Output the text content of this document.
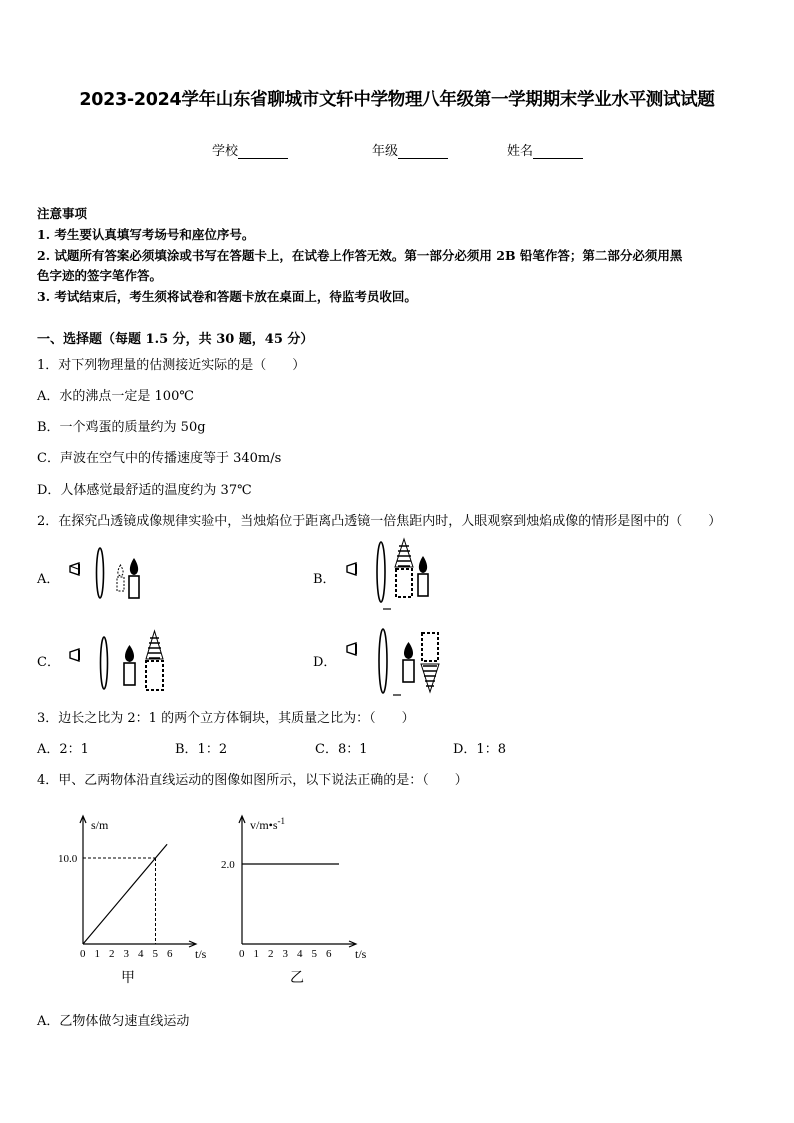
2023-2024学年山东省聊城市文轩中学物理八年级第一学期期末学业水平测试试题
学校	年级	姓名
注意事项
1. 考生要认真填写考场号和座位序号。
2. 试题所有答案必须填涂或书写在答题卡上，在试卷上作答无效。第一部分必须用 2B 铅笔作答；第二部分必须用黑
色字迹的签字笔作答。
3. 考试结束后，考生须将试卷和答题卡放在桌面上，待监考员收回。
一、选择题（每题 1.5 分，共 30 题，45 分）
1．对下列物理量的估测接近实际的是（　　）
A．水的沸点一定是 100℃
B．一个鸡蛋的质量约为 50g
C．声波在空气中的传播速度等于 340m/s
D．人体感觉最舒适的温度约为 37℃
2．在探究凸透镜成像规律实验中，当烛焰位于距离凸透镜一倍焦距内时，人眼观察到烛焰成像的情形是图中的（　　）
A．	B．
C．	D．
3．边长之比为 2：1 的两个立方体铜块，其质量之比为：（　　）
A．2：1	B．1：2	C．8：1	D．1：8
4．甲、乙两物体沿直线运动的图像如图所示，以下说法正确的是：（　　）
s/m
t/s
10.0
0 1 2 3 4 5 6
甲
$v/m•s^{-1}$
t/s
2.0
0 1 2 3 4 5 6
乙
A．乙物体做匀速直线运动
